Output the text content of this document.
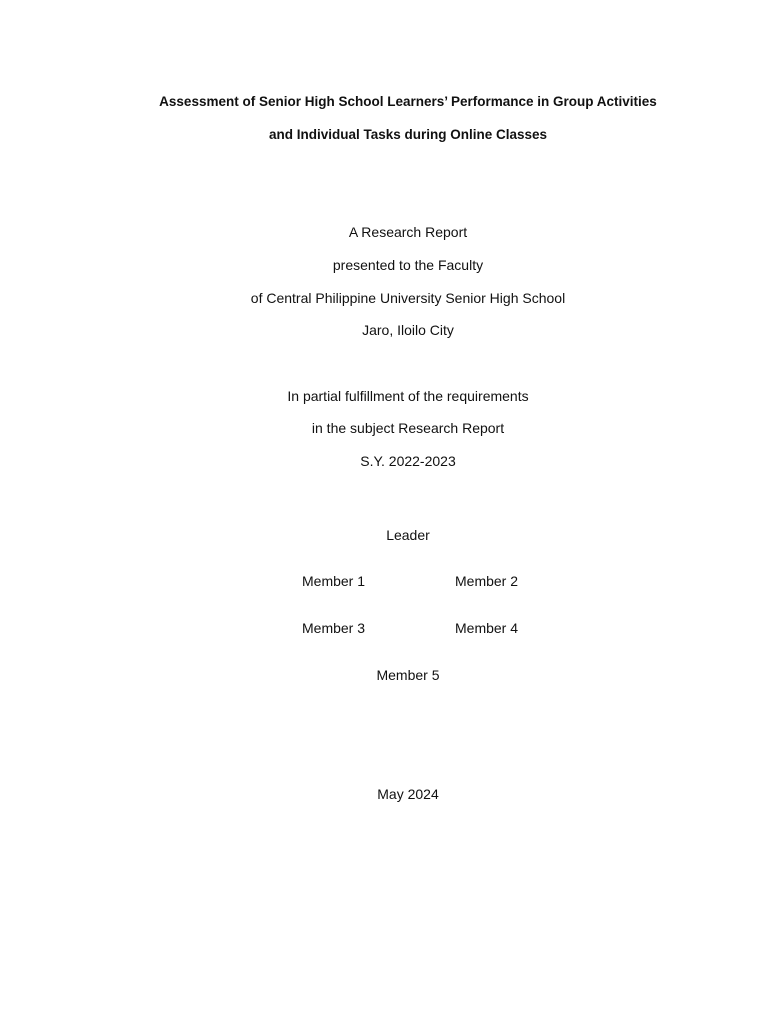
Assessment of Senior High School Learners’ Performance in Group Activities
and Individual Tasks during Online Classes
A Research Report
presented to the Faculty
of Central Philippine University Senior High School
Jaro, Iloilo City
In partial fulfillment of the requirements
in the subject Research Report
S.Y. 2022-2023
Leader
Member 1	Member 2
Member 3	Member 4
Member 5
May 2024
